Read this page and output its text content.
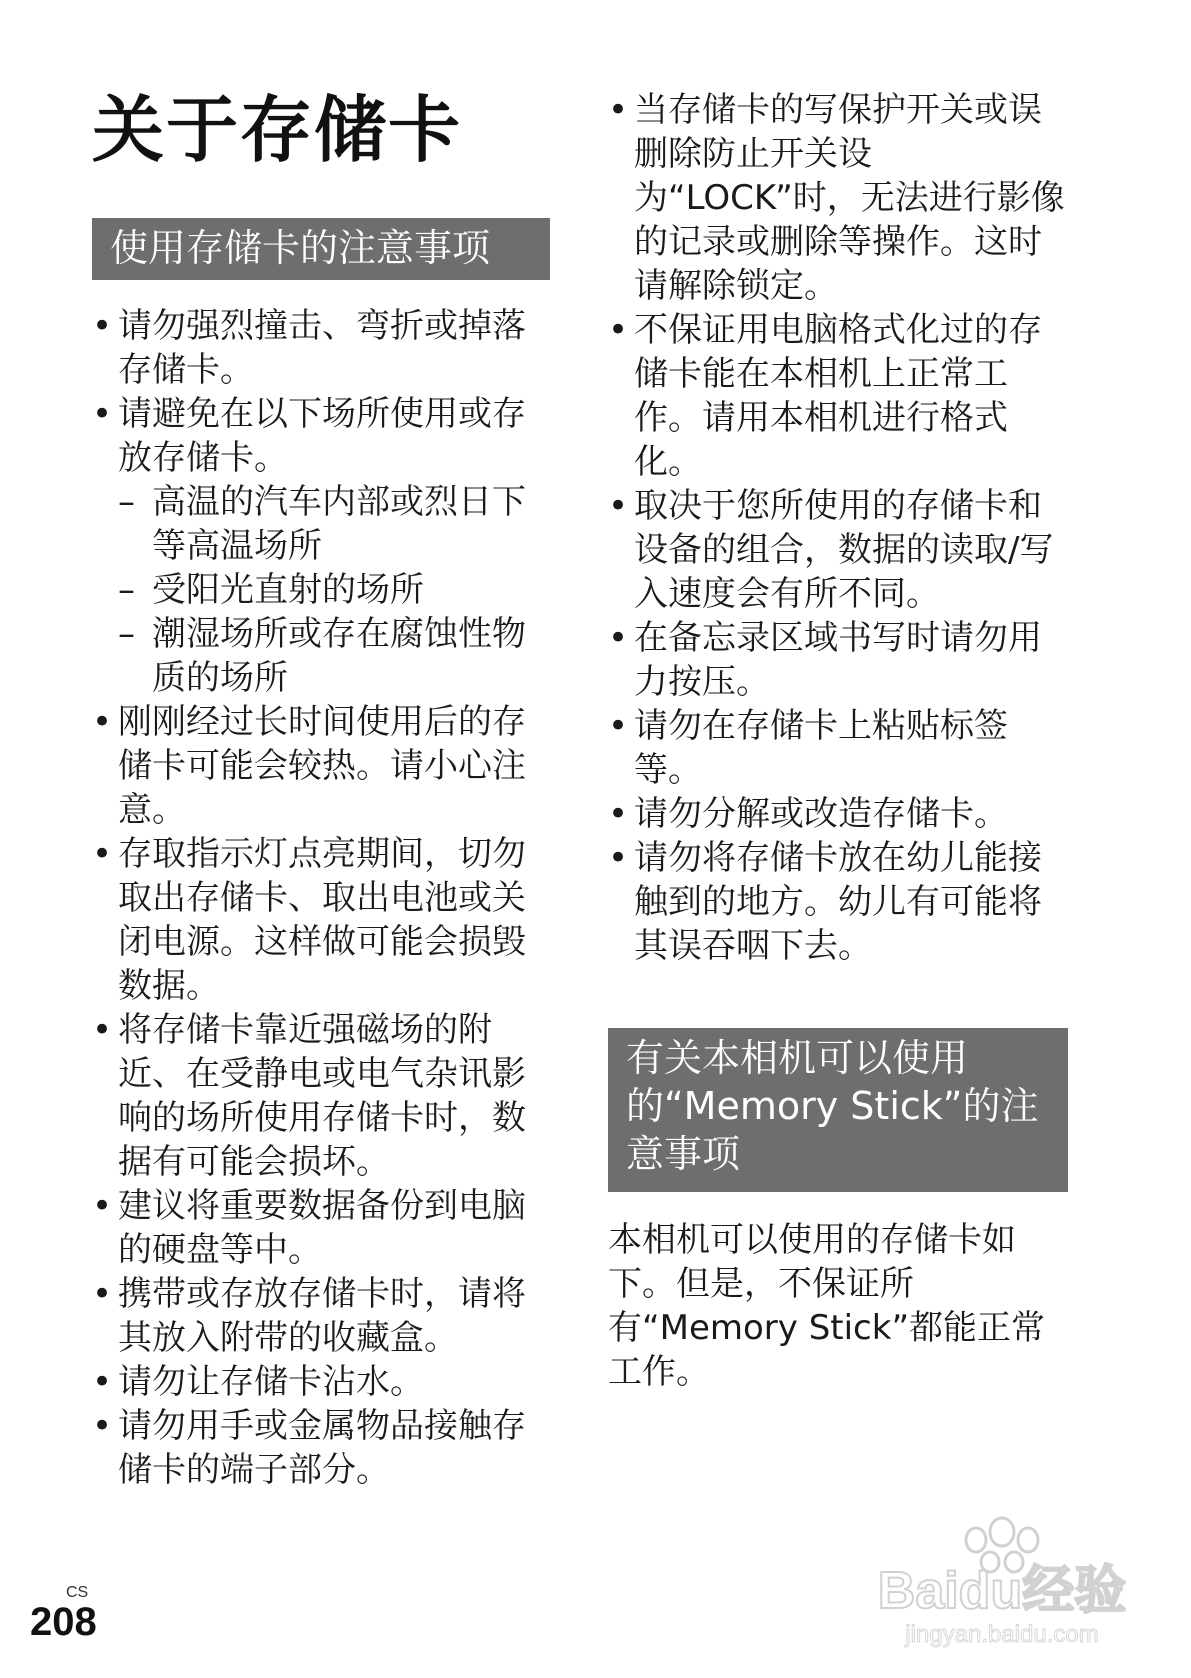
关于存储卡
使用存储卡的注意事项
• 请勿强烈撞击、弯折或掉落存储卡。
• 请避免在以下场所使用或存放存储卡。
– 高温的汽车内部或烈日下等高温场所
– 受阳光直射的场所
– 潮湿场所或存在腐蚀性物质的场所
• 刚刚经过长时间使用后的存储卡可能会较热。请小心注意。
• 存取指示灯点亮期间，切勿取出存储卡、取出电池或关闭电源。这样做可能会损毁数据。
• 将存储卡靠近强磁场的附近、在受静电或电气杂讯影响的场所使用存储卡时，数据有可能会损坏。
• 建议将重要数据备份到电脑的硬盘等中。
• 携带或存放存储卡时，请将其放入附带的收藏盒。
• 请勿让存储卡沾水。
• 请勿用手或金属物品接触存储卡的端子部分。
• 当存储卡的写保护开关或误删除防止开关设为“LOCK”时，无法进行影像的记录或删除等操作。这时请解除锁定。
• 不保证用电脑格式化过的存储卡能在本相机上正常工作。请用本相机进行格式化。
• 取决于您所使用的存储卡和设备的组合，数据的读取/写入速度会有所不同。
• 在备忘录区域书写时请勿用力按压。
• 请勿在存储卡上粘贴标签等。
• 请勿分解或改造存储卡。
• 请勿将存储卡放在幼儿能接触到的地方。幼儿有可能将其误吞咽下去。
有关本相机可以使用的“Memory Stick”的注意事项

本相机可以使用的存储卡如下。但是，不保证所有“Memory Stick”都能正常工作。

CS
208
Baidu经验
jingyan.baidu.com
